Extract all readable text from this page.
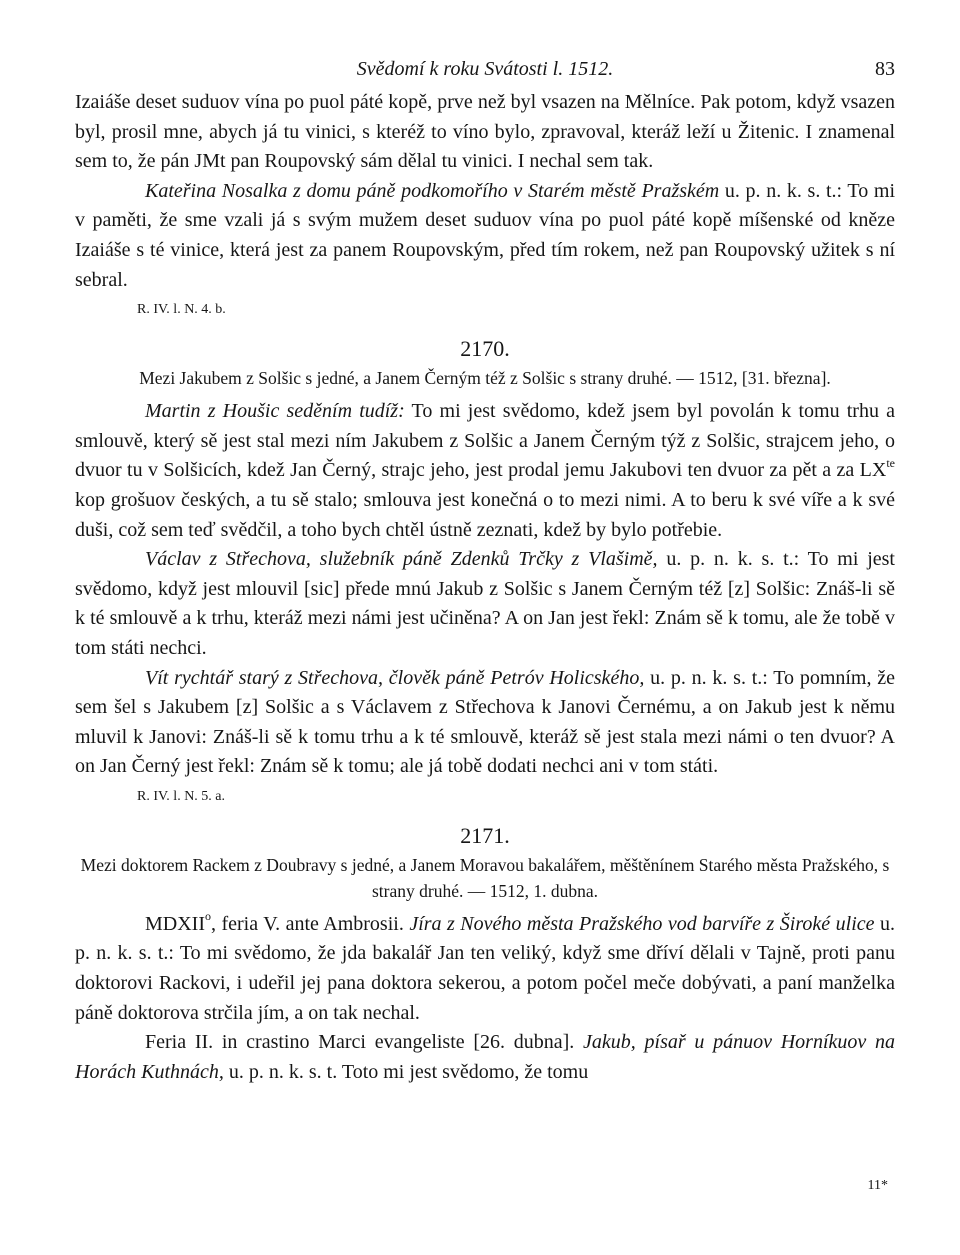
Svědomí k roku Svátosti l. 1512.	83

Izaiáše deset suduov vína po puol páté kopě, prve než byl vsazen na Mělníce. Pak potom, když vsazen byl, prosil mne, abych já tu vinici, s kteréž to víno bylo, zpravoval, kteráž leží u Žitenic. I znamenal sem to, že pán JMt pan Roupovský sám dělal tu vinici. I nechal sem tak.

Kateřina Nosalka z domu páně podkomořího v Starém městě Pražském u. p. n. k. s. t.: To mi v paměti, že sme vzali já s svým mužem deset suduov vína po puol páté kopě míšenské od kněze Izaiáše s té vinice, která jest za panem Roupovským, před tím rokem, než pan Roupovský užitek s ní sebral.

R. IV. l. N. 4. b.
2170.
Mezi Jakubem z Solšic s jedné, a Janem Černým též z Solšic s strany druhé. — 1512, [31. března].

Martin z Houšic seděním tudíž: To mi jest svědomo, kdež jsem byl povolán k tomu trhu a smlouvě, který sě jest stal mezi ním Jakubem z Solšic a Janem Černým týž z Solšic, strajcem jeho, o dvuor tu v Solšicích, kdež Jan Černý, strajc jeho, jest prodal jemu Jakubovi ten dvuor za pět a za $LX^{te}$ kop grošuov českých, a tu sě stalo; smlouva jest konečná o to mezi nimi. A to beru k své víře a k své duši, což sem teď svědčil, a toho bych chtěl ústně zeznati, kdež by bylo potřebie.

Václav z Střechova, služebník páně Zdenků Trčky z Vlašimě, u. p. n. k. s. t.: To mi jest svědomo, když jest mlouvil [sic] přede mnú Jakub z Solšic s Janem Černým též [z] Solšic: Znáš-li sě k té smlouvě a k trhu, kteráž mezi námi jest učiněna? A on Jan jest řekl: Znám sě k tomu, ale že tobě v tom státi nechci.

Vít rychtář starý z Střechova, člověk páně Petróv Holicského, u. p. n. k. s. t.: To pomním, že sem šel s Jakubem [z] Solšic a s Václavem z Střechova k Janovi Černému, a on Jakub jest k němu mluvil k Janovi: Znáš-li sě k tomu trhu a k té smlouvě, kteráž sě jest stala mezi námi o ten dvuor? A on Jan Černý jest řekl: Znám sě k tomu; ale já tobě dodati nechci ani v tom státi.

R. IV. l. N. 5. a.
2171.
Mezi doktorem Rackem z Doubravy s jedné, a Janem Moravou bakalářem, měštěnínem Starého města Pražského, s strany druhé. — 1512, 1. dubna.

MDXII$^o$, feria V. ante Ambrosii. Jíra z Nového města Pražského vod barvíře z Široké ulice u. p. n. k. s. t.: To mi svědomo, že jda bakalář Jan ten veliký, když sme dříví dělali v Tajně, proti panu doktorovi Rackovi, i udeřil jej pana doktora sekerou, a potom počel meče dobývati, a paní manželka páně doktorova strčila jím, a on tak nechal.

Feria II. in crastino Marci evangeliste [26. dubna]. Jakub, písař u pánuov Horníkuov na Horách Kuthnách, u. p. n. k. s. t. Toto mi jest svědomo, že tomu

11*
